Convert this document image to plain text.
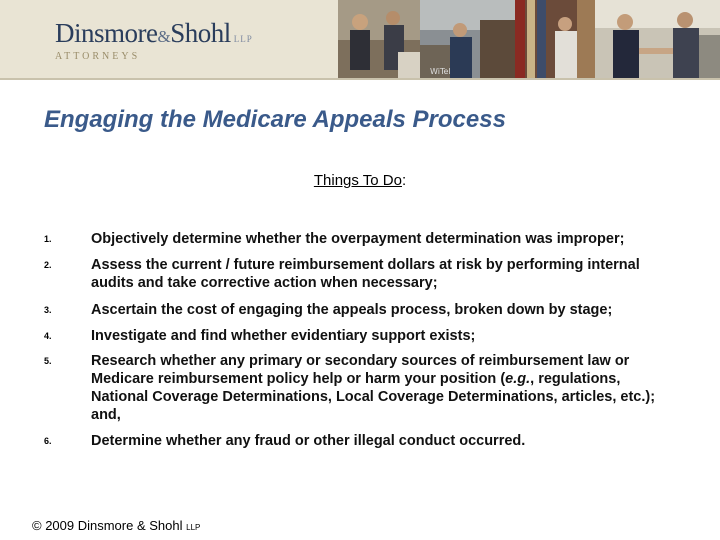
Dinsmore&Shohl LLP
ATTORNEYS
WiTel
Engaging the Medicare Appeals Process
Things To Do:
1.	Objectively determine whether the overpayment determination was improper;
2.	Assess the current / future reimbursement dollars at risk by performing internal audits and take corrective action when necessary;
3.	Ascertain the cost of engaging the appeals process, broken down by stage;
4.	Investigate and find whether evidentiary support exists;
5.	Research whether any primary or secondary sources of reimbursement law or Medicare reimbursement policy help or harm your position (e.g., regulations, National Coverage Determinations, Local Coverage Determinations, articles, etc.); and,
6.	Determine whether any fraud or other illegal conduct occurred.
© 2009 Dinsmore & Shohl LLP
